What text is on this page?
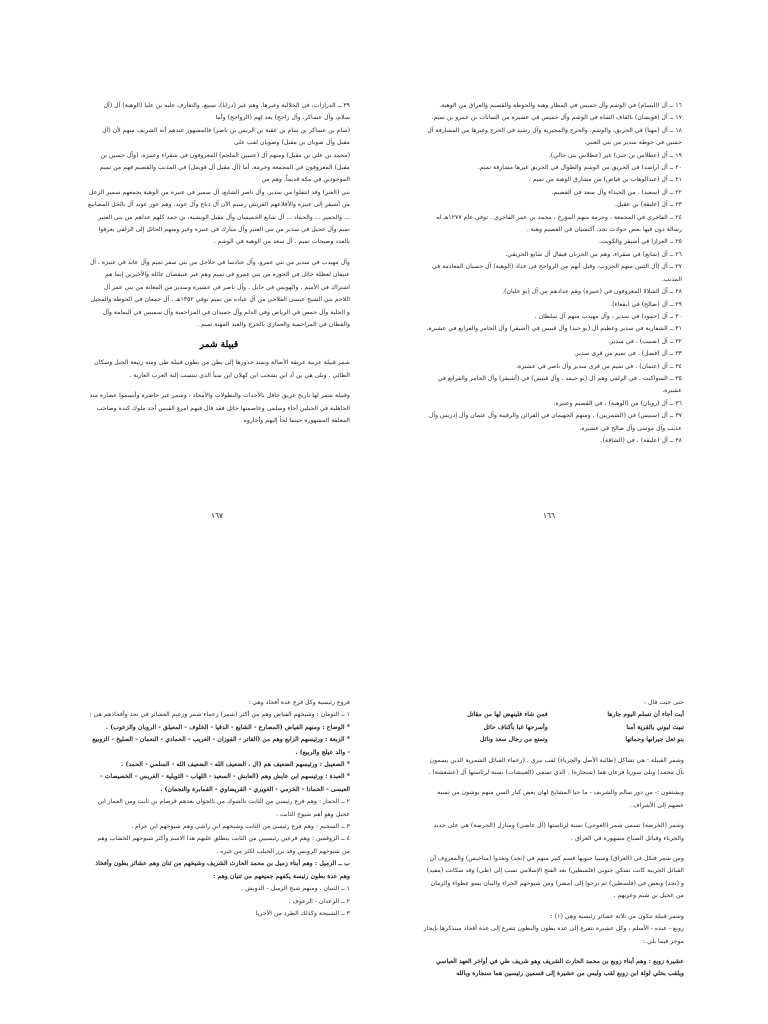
٣٩ ــ الدرازات، في الخلالية وغيرها. وهم غير (درايا)، سبيع، والتعارف عليه بن عليا (الوهبة) آل (آل سلام، وآل عساكر، وآل راجح) يعد لهم (الرواجح) وأما

(سام بن عساكر بن سام بن عقبة بن الريس بن ناصر) فالمشهور عندهم أنه الشريف منهم لأن (آل مقبل وآل ضويان بن مقبل) وضويان لقب على

(محمد بن علي بن مقبل) ومنهم آل (عتيبين الملجم) المعروفون في شقراء وعنيزة، (وآل حسين بن مقبل) المعروفون في المجمعة وحرمة. أما (آل مقبل آل قويمل) في المذنب والقصيم فهم من تميم الموجودين في مكة قديماً. وهم من

بني (العنز) وقد انتقلوا من سدير. وآل ناصر الشايع، آل سمير في عنيزة من الوهبة يجمعهم سمير الزعل من أشيقر إلى عنيزة والأقلاعهم القريش رسيم الآن آل دباغ وآل عويد. وهم عور عويد آل بالخل المضابيع ... والحمير ... والحماد ... آل شايع الخميسان وآل مقبل الويشية، بن حمد كلهم عداهم من بني العنبر تميم وآل عجيل في سدير من بني العنبر وآل مبارك في عنيزة وغير ومنهم الحائل إلى الزلفي يعرفوا بالعدد وصيحات تميم . آل سعد من الوهبة في الوشم .

وآل مهيدب في سدير من بني عمرو، وآل عبادسا في حلاجل من بني سفر تميم وآل عابد في عنيزة . آل عنيفان لعطلة حائل في الحوزة من بني عمرو في تميم وهم غير عنيفصان عائلة والأخيرين إنما هم اشتراك في الأسم . والهويس في حايل . وآل ناصر في عشيرة وسدير من المعانة من بني عمر آل اللاحم بني الشيخ عيسى الفلاحي من آل عباده من تميم توفي ١٣٥٢هـ . آل جمعان في الحوطة والمجيل و الحلية وآل حمص في الرياض وفي الدلم وآل حميدان في المزاحمية وآل سميس في اليمامة وآل والقطان في المزاحمية والعماري بالخرج والعبد المهنة تميم .

قبيلة شمر

شمر قبيلة عربية عريقة الأصالة وتمتد جذورها إلى بطن من بطون قبيلة طي ومنه ربيعة الجبل وسكان الطائي . وبلى هي بن أد ابن يشجب ابن كهلان ابن سبأ الذي تنتسب إليه العرب العاربة .

وقبيلة شمر لها تاريخ عريق حافل بالأحداث والبطولات والأمجاد ، وشمر غير حاضرة وأنسموا عصارة منذ الجاهلية في الجبلين أجاء وسلمى وعاصمتها حائل فقد قال فيهم امرؤ القيس أحد ملوك كندة وصاحب المعلقة المشهورة حينما لجأ إليهم وأجاروه

١٦٧

١٦ ــ آل (البسام) في الوشم وآل خميس في المطار وهبة والحوطة والقصيم والعراق من الوهبة.

١٧ ــ آل (قويشان) بالقاف الشاة في الوشم وآل خميس في عشيرة من الثمانات بن عمرو بن تميم.

١٨ ــ آل (مهنا) في الحريق، والوشم، والخرج والمجيرية وآل رشيد في الخرج وغيرها من المشارفة آل حسين في حوطة سدير من بني العنبر.

١٩ ــ آل (عطلاس بن جبي) غير (عطلاس بني جالي).

٢٠ ــ آل (راشد) في الحريق من الوشم والطوال في الحريق غيرها مشارفة تميم.

٢١ ــ آل (عبدالوهاب بن قياض) من مشارق الوهبة من تميم .

٢٢ ــ آل (سعيد) . من الحيداء وآل سعد في القصيم.

٢٣ ــ آل (عليقة) بن عقيل.

٢٤ ــ الفاخري في المجمعة ، وحرمة منهم المؤرخ ، محمد بن عمر الفاخري . توفي عام ١٢٧٧هـ له رسالة دون فيها بعض حوادث نجد. أكتشيان في القصيم وهبة .

٢٥ ــ العزازا في أشيقر والكويت.

٢٦ ــ آل (شايع) في شقراء، وهم من الحزنان فيقال آل شايع الحريقي.

٢٧ ــ آل (آل الثنين منهم الحزوب، وقيل أنهم من الرواجح في عداد (الوهبة) آل حسيان المعادمة في المذنب.

٢٨ ــ آل الشلالا المعروفون في (عنيزة) وهم عدادهم من آل (بو عليان).

٢٩ ــ آل (صالح) في (بقعاء).

٣٠ ــ آل (حمود) في سدير ، وآل مهيدب منهم آل سلطان .

٣١ ــ الشفارية في سدير وعطيم آل (بو حيد) وآل قبيس في (أشيقر) وآل الحامر والقرايع في عشيرة.

٣٢ ــ آل (ضبيب) . في سدير.

٣٣ ــ آل (فضل) . في تميم من قرى سدير.

٣٤ ــ آل (عثمان) . في تميم من قرى سدير وآل ناصر في عشيرة.

٣٥ ــ السواكيت . في الزلفي وهم آل (بو حيمد ، وآل قبيس) في (أشيقر) وآل الحامر والقرايع في عشيرة.

٣٦ ــ آل (روبان) من (الوهبة) ، في القصيم وعنيزة.

٣٧ ــ آل (سبيس) في (الشمريين) ، ومنهم الجهيمان في القرائن والرقيبة وآل عثمان وآل إدريس وآل عديب وآل موسى وآل صالح في عشيرة.

٣٨ ــ آل (عليقة) . في (الشاقة).

١٦٦

فروع رئيسية وكل فرع عدة أفخاذ وهي :

١ ــ النومان : وشيخهم الفياض وهم من أكثر (شمر) زعماء شمر وزعيم العشائر في نجد وأفخاذهم هي :

* الوضاح : ومنهم الفياض (المصارع - الشايع - الدقيا - الخلوف - المعيلق - الروبان والزعوب) .

* الزبعة : ورئيسهم الزابع وهم من (الفاتر - الفوزان - الغريب - الحمادي - النعمان - الصليخ - الزوبيع - والد عيلج والربيع) .

* الصعيبل : ورئيسهم الضعيف هم (ال ، الضعيف الله - الضعيف الله - السلمي - الحمد) .

* العبدة : ورئيسهم ابن عايش وهم (العابش - السعيد - اللهاب - الثويلية - الغريس - الخصيصات - العيسى - الحمادا - الخرمي - الغويري - القريضاوي - القمابرة والنجمان) .

٢ ــ الحمار : وهم فرع رئيسي من الثابت بالشوك من بالجوان بعدهم قرصام بن ثابت ومن العمار ابن عجيل وهو أهم شيوخ الثابت .

٣ ــ السحيم : وهم فرع رئيسي من الثابت وشيخهم ابن راشي وهم شيوخهم ابن عرام .

٤ ــ الزوقمين : وهم فرعين رئيسيين من الثابت ينطلق عليهم هذا الاسم وأكثر شيوخهم الخشاب وهم من شيوخهم الرويس وقد برز الجبلب لكثر من غيره .

ب ــ الزميل : وهم أبناء زميل بن محمد الحارث الشريف وشيخهم من ثنان وهم عشائر بطون وأفخاذ وهم عدة بطون رئيسة يكفهم جميعهم من ثنيان وهم :

١ ــ الثنيان . ومنهم شيخ الزميل - الدويش .

٢ ــ الرعدان - الرعوف .

٣ ــ الشبيحة وكذلك الطرد من الأجربا

حتى حيث قال :

أبت أجاء أن تسلم اليوم جارها
فمن شاء فلينهض لها من مقاتل
تبيت لبوني بالقرية أمنا
وأسرحها غبا بأكناف حائل
بنو ثعل جيرانها وحماتها
وتمنع من رجال سعد ونائل

وشمر القبيلة : هي تشاكل (طائية الأصل والجرباء) لقب نبري . (رعماء القبائل الشمرية الذين يسمون بآل محمد) وبلى سوريا فرعان هما (سنجارة) . الذي تسمى (العبيشات) نسبة لرئاستها آل (عشعشة) .

ويشتقون :- من دور سالم والشريف - ما حيا المشايخ لهان يعض كبار السن منهم يوشون من نسبه عضهم إلى الأشراف .

وشمر (الخرصة) تسمى شمر (العوجي) نسبة لرئاستها (آل عاصي) ومنازل (الحرصة) هي على جديد والجرباء وقبائل الصباح مشهورة في العراق .

ومن شمر فتكل في (العراق) وسبيا جنوبها قسم كبير منهم في (نجد) وتغدوا (مناخيس) والمعروف أن القبائل الجربية كانت تسكن جنوبي (فلسطين) بعد الفتح الإسلامي تسب إلى (طي) وقد سكانت (مفيد) و (نجد) وبعض في (فلسطين) ثم نزحوا إلى (مصر) ومن شيوخهم الحراء والبيان يسو عطواء والزمان من عجيل بن شيم وعريهم .

وشمر قبيلة تتكون من ثلاثة عشائر رئيسية وهي (١) :

زوبع - عبده - الأسلم ، وكل عشيرة تتفرع إلى عدة بطون والبطون تتفرع إلى عدة أفخاذ سنذكرها بإيجاز موجز فيما يلي :

عشيرة زوبع : وهم أبناء زوبع بن محمد الحارث الشريف وهو شريف طي في أواخر العهد العباسي ويلقب بخلي لولة ابن زوبع لقب وليس من عشيرة إلى قسمين رئيسين هما سنجارة وبالله
